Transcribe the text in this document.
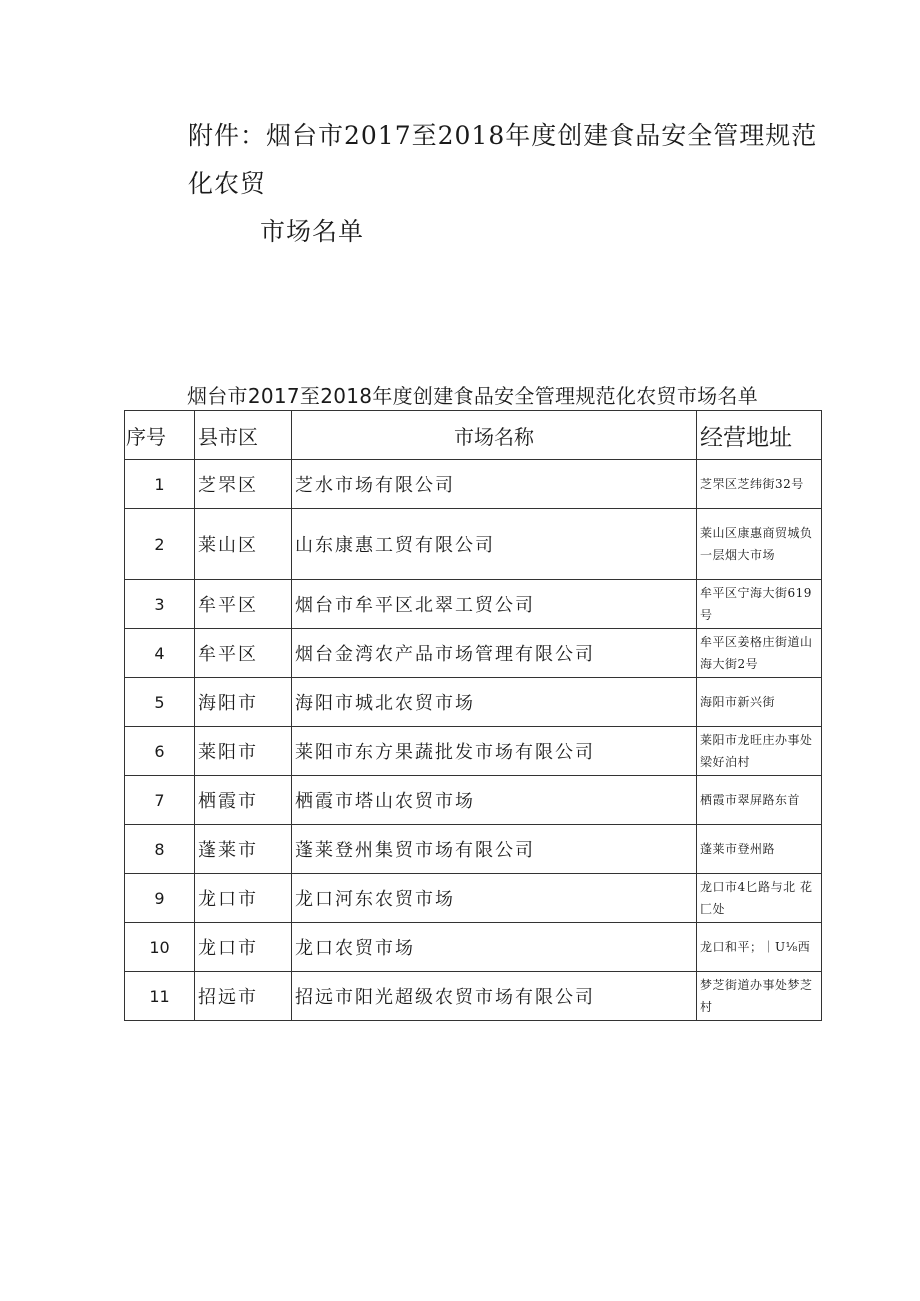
附件：烟台市2017至2018年度创建食品安全管理规范化农贸
市场名单
烟台市2017至2018年度创建食品安全管理规范化农贸市场名单
序号	县市区	市场名称	经营地址
1	芝罘区	芝水市场有限公司	芝罘区芝纬街32号
2	莱山区	山东康惠工贸有限公司	莱山区康惠商贸城负一层烟大市场
3	牟平区	烟台市牟平区北翠工贸公司	牟平区宁海大街619号
4	牟平区	烟台金湾农产品市场管理有限公司	牟平区姜格庄街道山海大街2号
5	海阳市	海阳市城北农贸市场	海阳市新兴街
6	莱阳市	莱阳市东方果蔬批发市场有限公司	莱阳市龙旺庄办事处梁好泊村
7	栖霞市	栖霞市塔山农贸市场	栖霞市翠屏路东首
8	蓬莱市	蓬莱登州集贸市场有限公司	蓬莱市登州路
9	龙口市	龙口河东农贸市场	龙口市4匕路与北 花匚处
10	龙口市	龙口农贸市场	龙口和平；｜U⅛西
11	招远市	招远市阳光超级农贸市场有限公司	梦芝街道办事处梦芝村
